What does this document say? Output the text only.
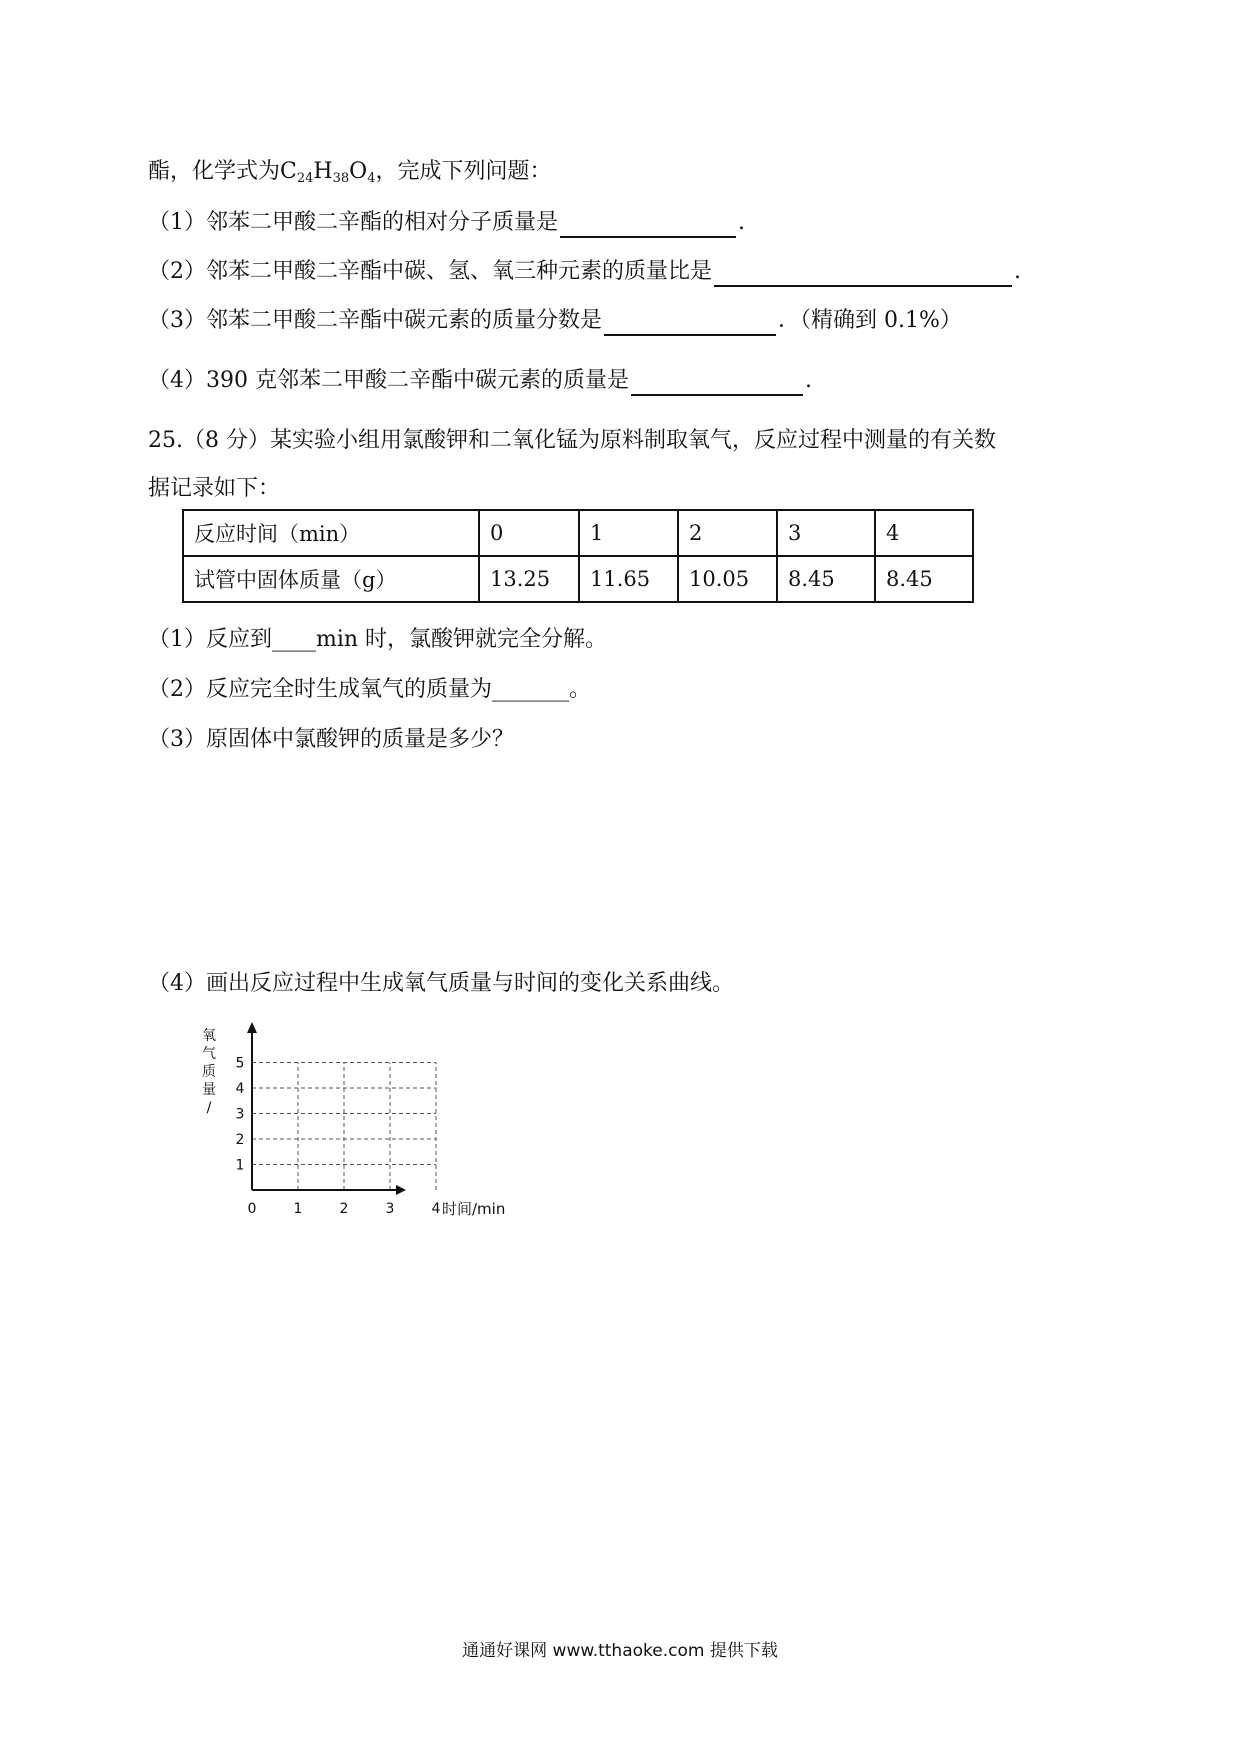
酯，化学式为$C_{24}H_{38}O_4$，完成下列问题：
（1）邻苯二甲酸二辛酯的相对分子质量是	.
（2）邻苯二甲酸二辛酯中碳、氢、氧三种元素的质量比是	.
（3）邻苯二甲酸二辛酯中碳元素的质量分数是	．（精确到 0.1%）
（4）390 克邻苯二甲酸二辛酯中碳元素的质量是	.
25.（8 分）某实验小组用氯酸钾和二氧化锰为原料制取氧气，反应过程中测量的有关数
据记录如下：
反应时间（min）	0	1	2	3	4
试管中固体质量（g）	13.25	11.65	10.05	8.45	8.45
（1）反应到____min 时，氯酸钾就完全分解。
（2）反应完全时生成氧气的质量为_______。
（3）原固体中氯酸钾的质量是多少？
（4）画出反应过程中生成氧气质量与时间的变化关系曲线。
氧
气
质
量
/
0	1	2	3	4
1
2
3
4
5
时间/min
通通好课网 www.tthaoke.com 提供下载
